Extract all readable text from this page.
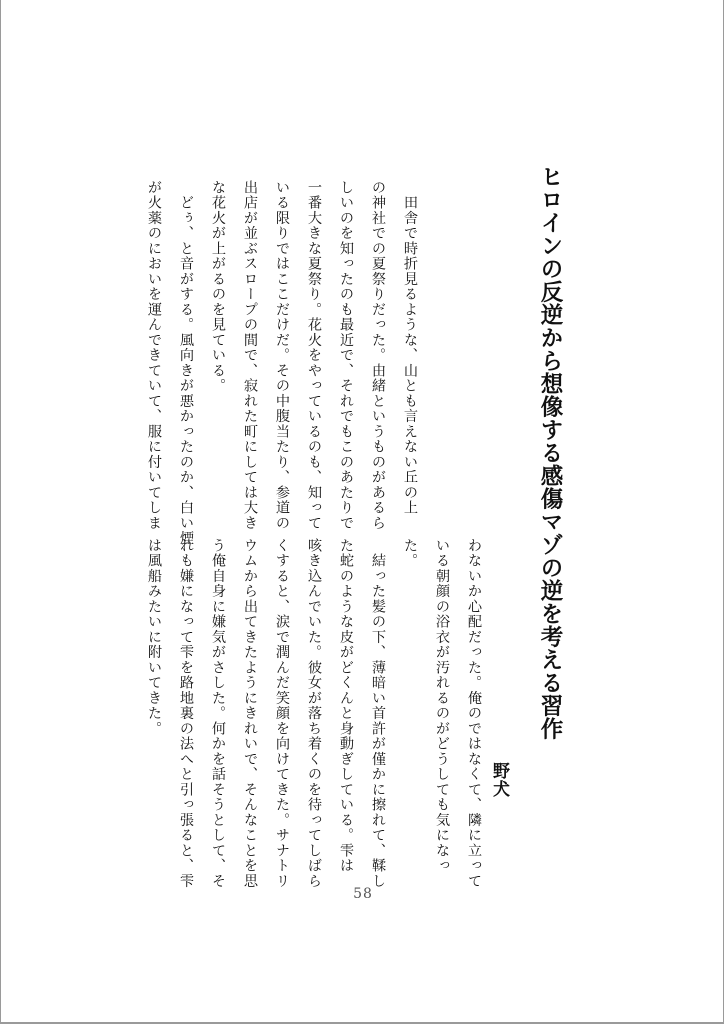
ヒロインの反逆から想像する感傷マゾの逆を考える習作
野犬
わないか心配だった。俺のではなくて、隣に立って
いる朝顔の浴衣が汚れるのがどうしても気になっ
た。
　結った髪の下、薄暗い首許が僅かに擦れて、鞣し
た蛇のような皮がどくんと身動ぎしている。雫は
咳き込んでいた。彼女が落ち着くのを待ってしばら
くすると、涙で潤んだ笑顔を向けてきた。サナトリ
ウムから出てきたようにきれいで、そんなことを思
う俺自身に嫌気がさした。何かを話そうとして、そ
れも嫌になって雫を路地裏の法へと引っ張ると、雫
は風船みたいに附いてきた。
　田舎で時折見るような、山とも言えない丘の上
の神社での夏祭りだった。由緒というものがあるら
しいのを知ったのも最近で、それでもこのあたりで
一番大きな夏祭り。花火をやっているのも、知って
いる限りではここだけだ。その中腹当たり、参道の
出店が並ぶスロープの間で、寂れた町にしては大き
な花火が上がるのを見ている。
　どぅ、と音がする。風向きが悪かったのか、白い煙
が火薬のにおいを運んできていて、服に付いてしま
58
